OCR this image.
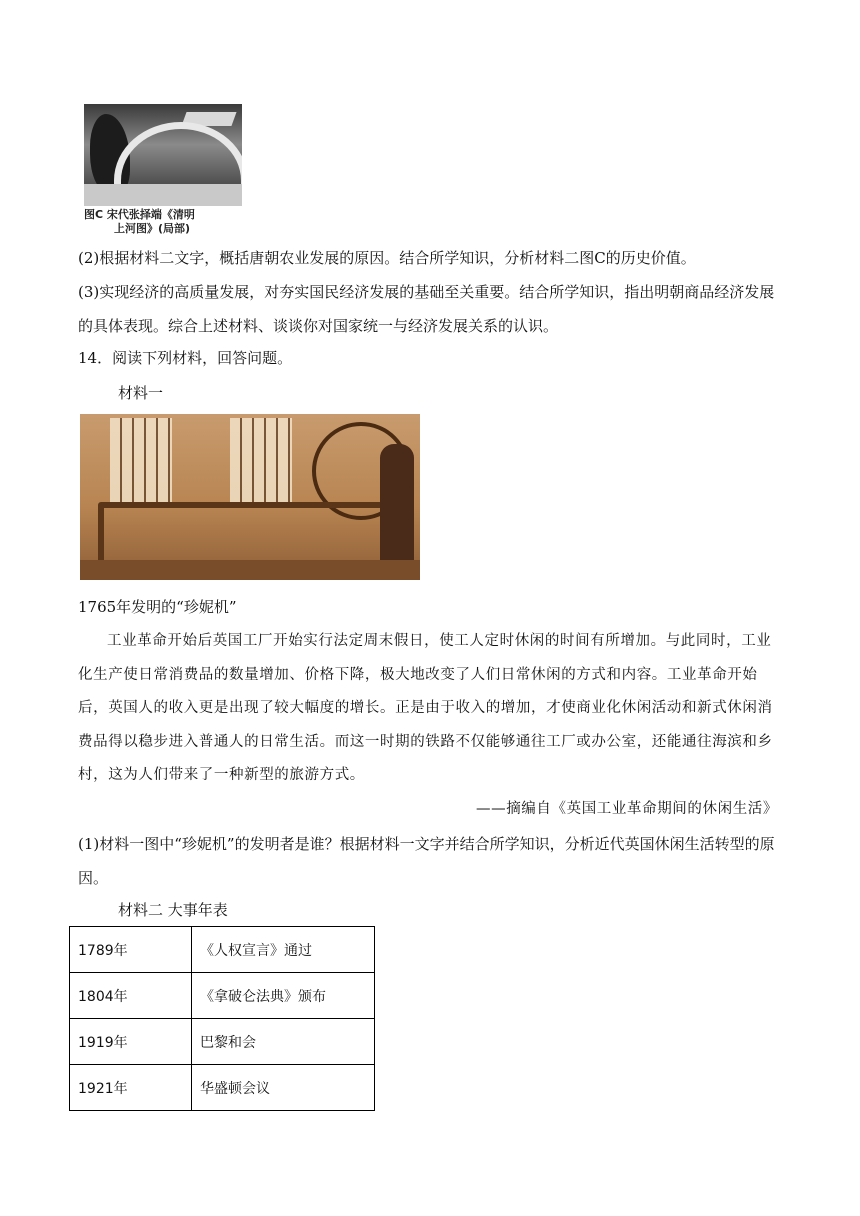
图C 宋代张择端《清明
上河图》(局部)

(2)根据材料二文字，概括唐朝农业发展的原因。结合所学知识，分析材料二图C的历史价值。

(3)实现经济的高质量发展，对夯实国民经济发展的基础至关重要。结合所学知识，指出明朝商品经济发展的具体表现。综合上述材料、谈谈你对国家统一与经济发展关系的认识。

14．阅读下列材料，回答问题。

材料一

1765年发明的“珍妮机”

工业革命开始后英国工厂开始实行法定周末假日，使工人定时休闲的时间有所增加。与此同时，工业化生产使日常消费品的数量增加、价格下降，极大地改变了人们日常休闲的方式和内容。工业革命开始后，英国人的收入更是出现了较大幅度的增长。正是由于收入的增加，才使商业化休闲活动和新式休闲消费品得以稳步进入普通人的日常生活。而这一时期的铁路不仅能够通往工厂或办公室，还能通往海滨和乡村，这为人们带来了一种新型的旅游方式。

——摘编自《英国工业革命期间的休闲生活》

(1)材料一图中“珍妮机”的发明者是谁？根据材料一文字并结合所学知识，分析近代英国休闲生活转型的原因。

材料二 大事年表

1789年	《人权宣言》通过
1804年	《拿破仑法典》颁布
1919年	巴黎和会
1921年	华盛顿会议
